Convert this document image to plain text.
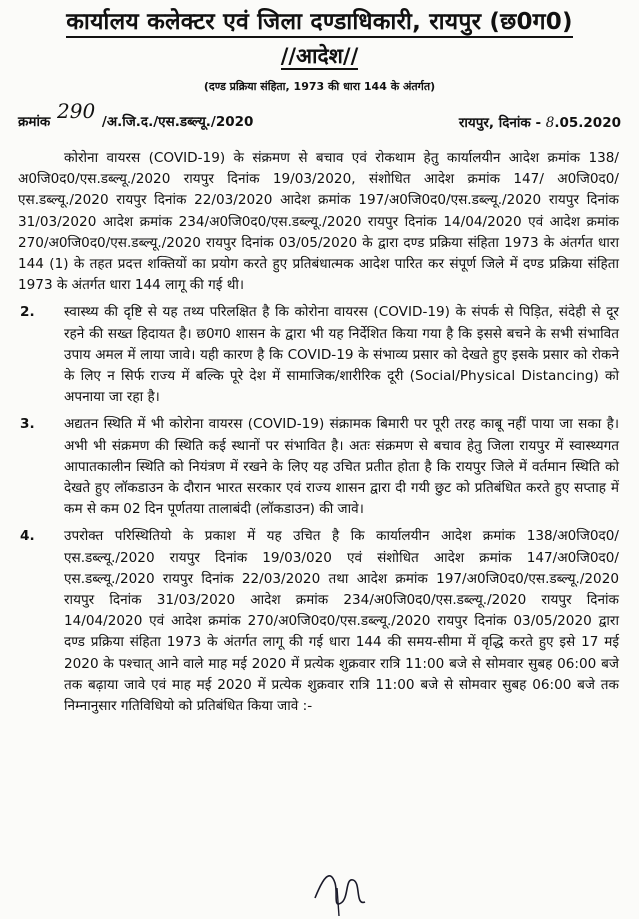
कार्यालय कलेक्टर एवं जिला दण्डाधिकारी, रायपुर (छ0ग0)
//आदेश//
(दण्ड प्रक्रिया संहिता, 1973 की धारा 144 के अंतर्गत)
क्रमांक 290 /अ.जि.द./एस.डब्ल्यू./2020	रायपुर, दिनांक - 8.05.2020

कोरोना वायरस (COVID-19) के संक्रमण से बचाव एवं रोकथाम हेतु कार्यालयीन आदेश क्रमांक 138/अ0जि0द0/एस.डब्ल्यू./2020 रायपुर दिनांक 19/03/2020, संशोधित आदेश क्रमांक 147/ अ0जि0द0/एस.डब्ल्यू./2020 रायपुर दिनांक 22/03/2020 आदेश क्रमांक 197/अ0जि0द0/एस.डब्ल्यू./2020 रायपुर दिनांक 31/03/2020 आदेश क्रमांक 234/अ0जि0द0/एस.डब्ल्यू./2020 रायपुर दिनांक 14/04/2020 एवं आदेश क्रमांक 270/अ0जि0द0/एस.डब्ल्यू./2020 रायपुर दिनांक 03/05/2020 के द्वारा दण्ड प्रक्रिया संहिता 1973 के अंतर्गत धारा 144 (1) के तहत प्रदत्त शक्तियों का प्रयोग करते हुए प्रतिबंधात्मक आदेश पारित कर संपूर्ण जिले में दण्ड प्रक्रिया संहिता 1973 के अंतर्गत धारा 144 लागू की गई थी।

2. स्वास्थ्य की दृष्टि से यह तथ्य परिलक्षित है कि कोरोना वायरस (COVID-19) के संपर्क से पिड़ित, संदेही से दूर रहने की सख्त हिदायत है। छ0ग0 शासन के द्वारा भी यह निर्देशित किया गया है कि इससे बचने के सभी संभावित उपाय अमल में लाया जावे। यही कारण है कि COVID-19 के संभाव्य प्रसार को देखते हुए इसके प्रसार को रोकने के लिए न सिर्फ राज्य में बल्कि पूरे देश में सामाजिक/शारीरिक दूरी (Social/Physical Distancing) को अपनाया जा रहा है।
3. अद्यतन स्थिति में भी कोरोना वायरस (COVID-19) संक्रामक बिमारी पर पूरी तरह काबू नहीं पाया जा सका है। अभी भी संक्रमण की स्थिति कई स्थानों पर संभावित है। अतः संक्रमण से बचाव हेतु जिला रायपुर में स्वास्थ्यगत आपातकालीन स्थिति को नियंत्रण में रखने के लिए यह उचित प्रतीत होता है कि रायपुर जिले में वर्तमान स्थिति को देखते हुए लॉकडाउन के दौरान भारत सरकार एवं राज्य शासन द्वारा दी गयी छुट को प्रतिबंधित करते हुए सप्ताह में कम से कम 02 दिन पूर्णतया तालाबंदी (लॉकडाउन) की जावे।
4. उपरोक्त परिस्थितियो के प्रकाश में यह उचित है कि कार्यालयीन आदेश क्रमांक 138/अ0जि0द0/एस.डब्ल्यू./2020 रायपुर दिनांक 19/03/020 एवं संशोधित आदेश क्रमांक 147/अ0जि0द0/एस.डब्ल्यू./2020 रायपुर दिनांक 22/03/2020 तथा आदेश क्रमांक 197/अ0जि0द0/एस.डब्ल्यू./2020 रायपुर दिनांक 31/03/2020 आदेश क्रमांक 234/अ0जि0द0/एस.डब्ल्यू./2020 रायपुर दिनांक 14/04/2020 एवं आदेश क्रमांक 270/अ0जि0द0/एस.डब्ल्यू./2020 रायपुर दिनांक 03/05/2020 द्वारा दण्ड प्रक्रिया संहिता 1973 के अंतर्गत लागू की गई धारा 144 की समय-सीमा में वृद्धि करते हुए इसे 17 मई 2020 के पश्चात् आने वाले माह मई 2020 में प्रत्येक शुक्रवार रात्रि 11:00 बजे से सोमवार सुबह 06:00 बजे तक बढ़ाया जावे एवं माह मई 2020 में प्रत्येक शुक्रवार रात्रि 11:00 बजे से सोमवार सुबह 06:00 बजे तक निम्नानुसार गतिविधियो को प्रतिबंधित किया जावे :-
